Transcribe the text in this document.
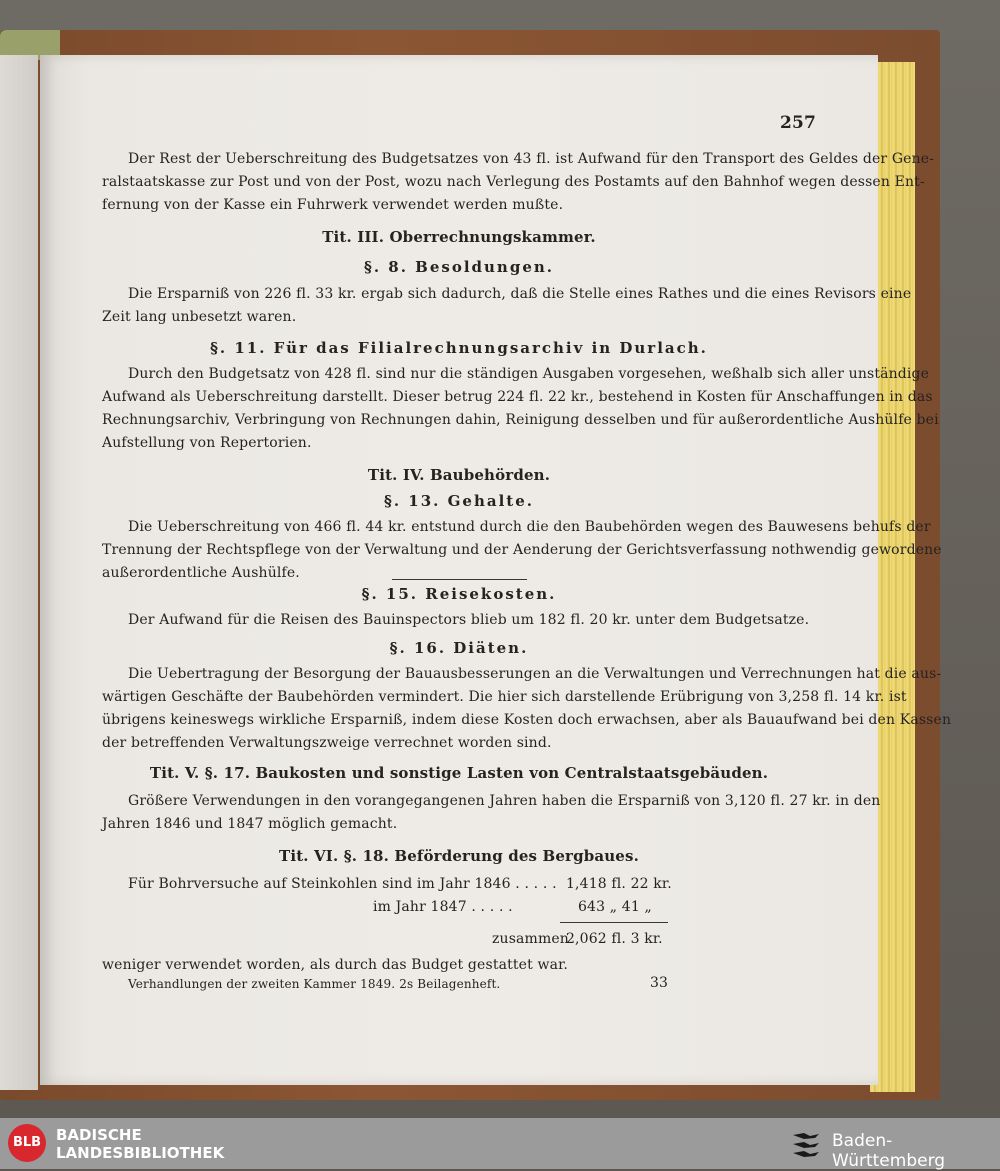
257
Der Rest der Ueberschreitung des Budgetsatzes von 43 fl. ist Aufwand für den Transport des Geldes der Gene-
ralstaatskasse zur Post und von der Post, wozu nach Verlegung des Postamts auf den Bahnhof wegen dessen Ent-
fernung von der Kasse ein Fuhrwerk verwendet werden mußte.
Tit. III. Oberrechnungskammer.
§. 8. Besoldungen.
Die Ersparniß von 226 fl. 33 kr. ergab sich dadurch, daß die Stelle eines Rathes und die eines Revisors eine
Zeit lang unbesetzt waren.
§. 11. Für das Filialrechnungsarchiv in Durlach.
Durch den Budgetsatz von 428 fl. sind nur die ständigen Ausgaben vorgesehen, weßhalb sich aller unständige
Aufwand als Ueberschreitung darstellt. Dieser betrug 224 fl. 22 kr., bestehend in Kosten für Anschaffungen in das
Rechnungsarchiv, Verbringung von Rechnungen dahin, Reinigung desselben und für außerordentliche Aushülfe bei
Aufstellung von Repertorien.
Tit. IV. Baubehörden.
§. 13. Gehalte.
Die Ueberschreitung von 466 fl. 44 kr. entstund durch die den Baubehörden wegen des Bauwesens behufs der
Trennung der Rechtspflege von der Verwaltung und der Aenderung der Gerichtsverfassung nothwendig gewordene
außerordentliche Aushülfe.
§. 15. Reisekosten.
Der Aufwand für die Reisen des Bauinspectors blieb um 182 fl. 20 kr. unter dem Budgetsatze.
§. 16. Diäten.
Die Uebertragung der Besorgung der Bauausbesserungen an die Verwaltungen und Verrechnungen hat die aus-
wärtigen Geschäfte der Baubehörden vermindert. Die hier sich darstellende Erübrigung von 3,258 fl. 14 kr. ist
übrigens keineswegs wirkliche Ersparniß, indem diese Kosten doch erwachsen, aber als Bauaufwand bei den Kassen
der betreffenden Verwaltungszweige verrechnet worden sind.
Tit. V. §. 17. Baukosten und sonstige Lasten von Centralstaatsgebäuden.
Größere Verwendungen in den vorangegangenen Jahren haben die Ersparniß von 3,120 fl. 27 kr. in den
Jahren 1846 und 1847 möglich gemacht.
Tit. VI. §. 18. Beförderung des Bergbaues.
Für Bohrversuche auf Steinkohlen sind im Jahr 1846 . . . . . 1,418 fl. 22 kr.
im Jahr 1847 . . . . .	643 „ 41 „
zusammen
2,062 fl. 3 kr.
weniger verwendet worden, als durch das Budget gestattet war.
Verhandlungen der zweiten Kammer 1849. 2s Beilagenheft.	33
BLB BADISCHE
LANDESBIBLIOTHEK
Baden-Württemberg
